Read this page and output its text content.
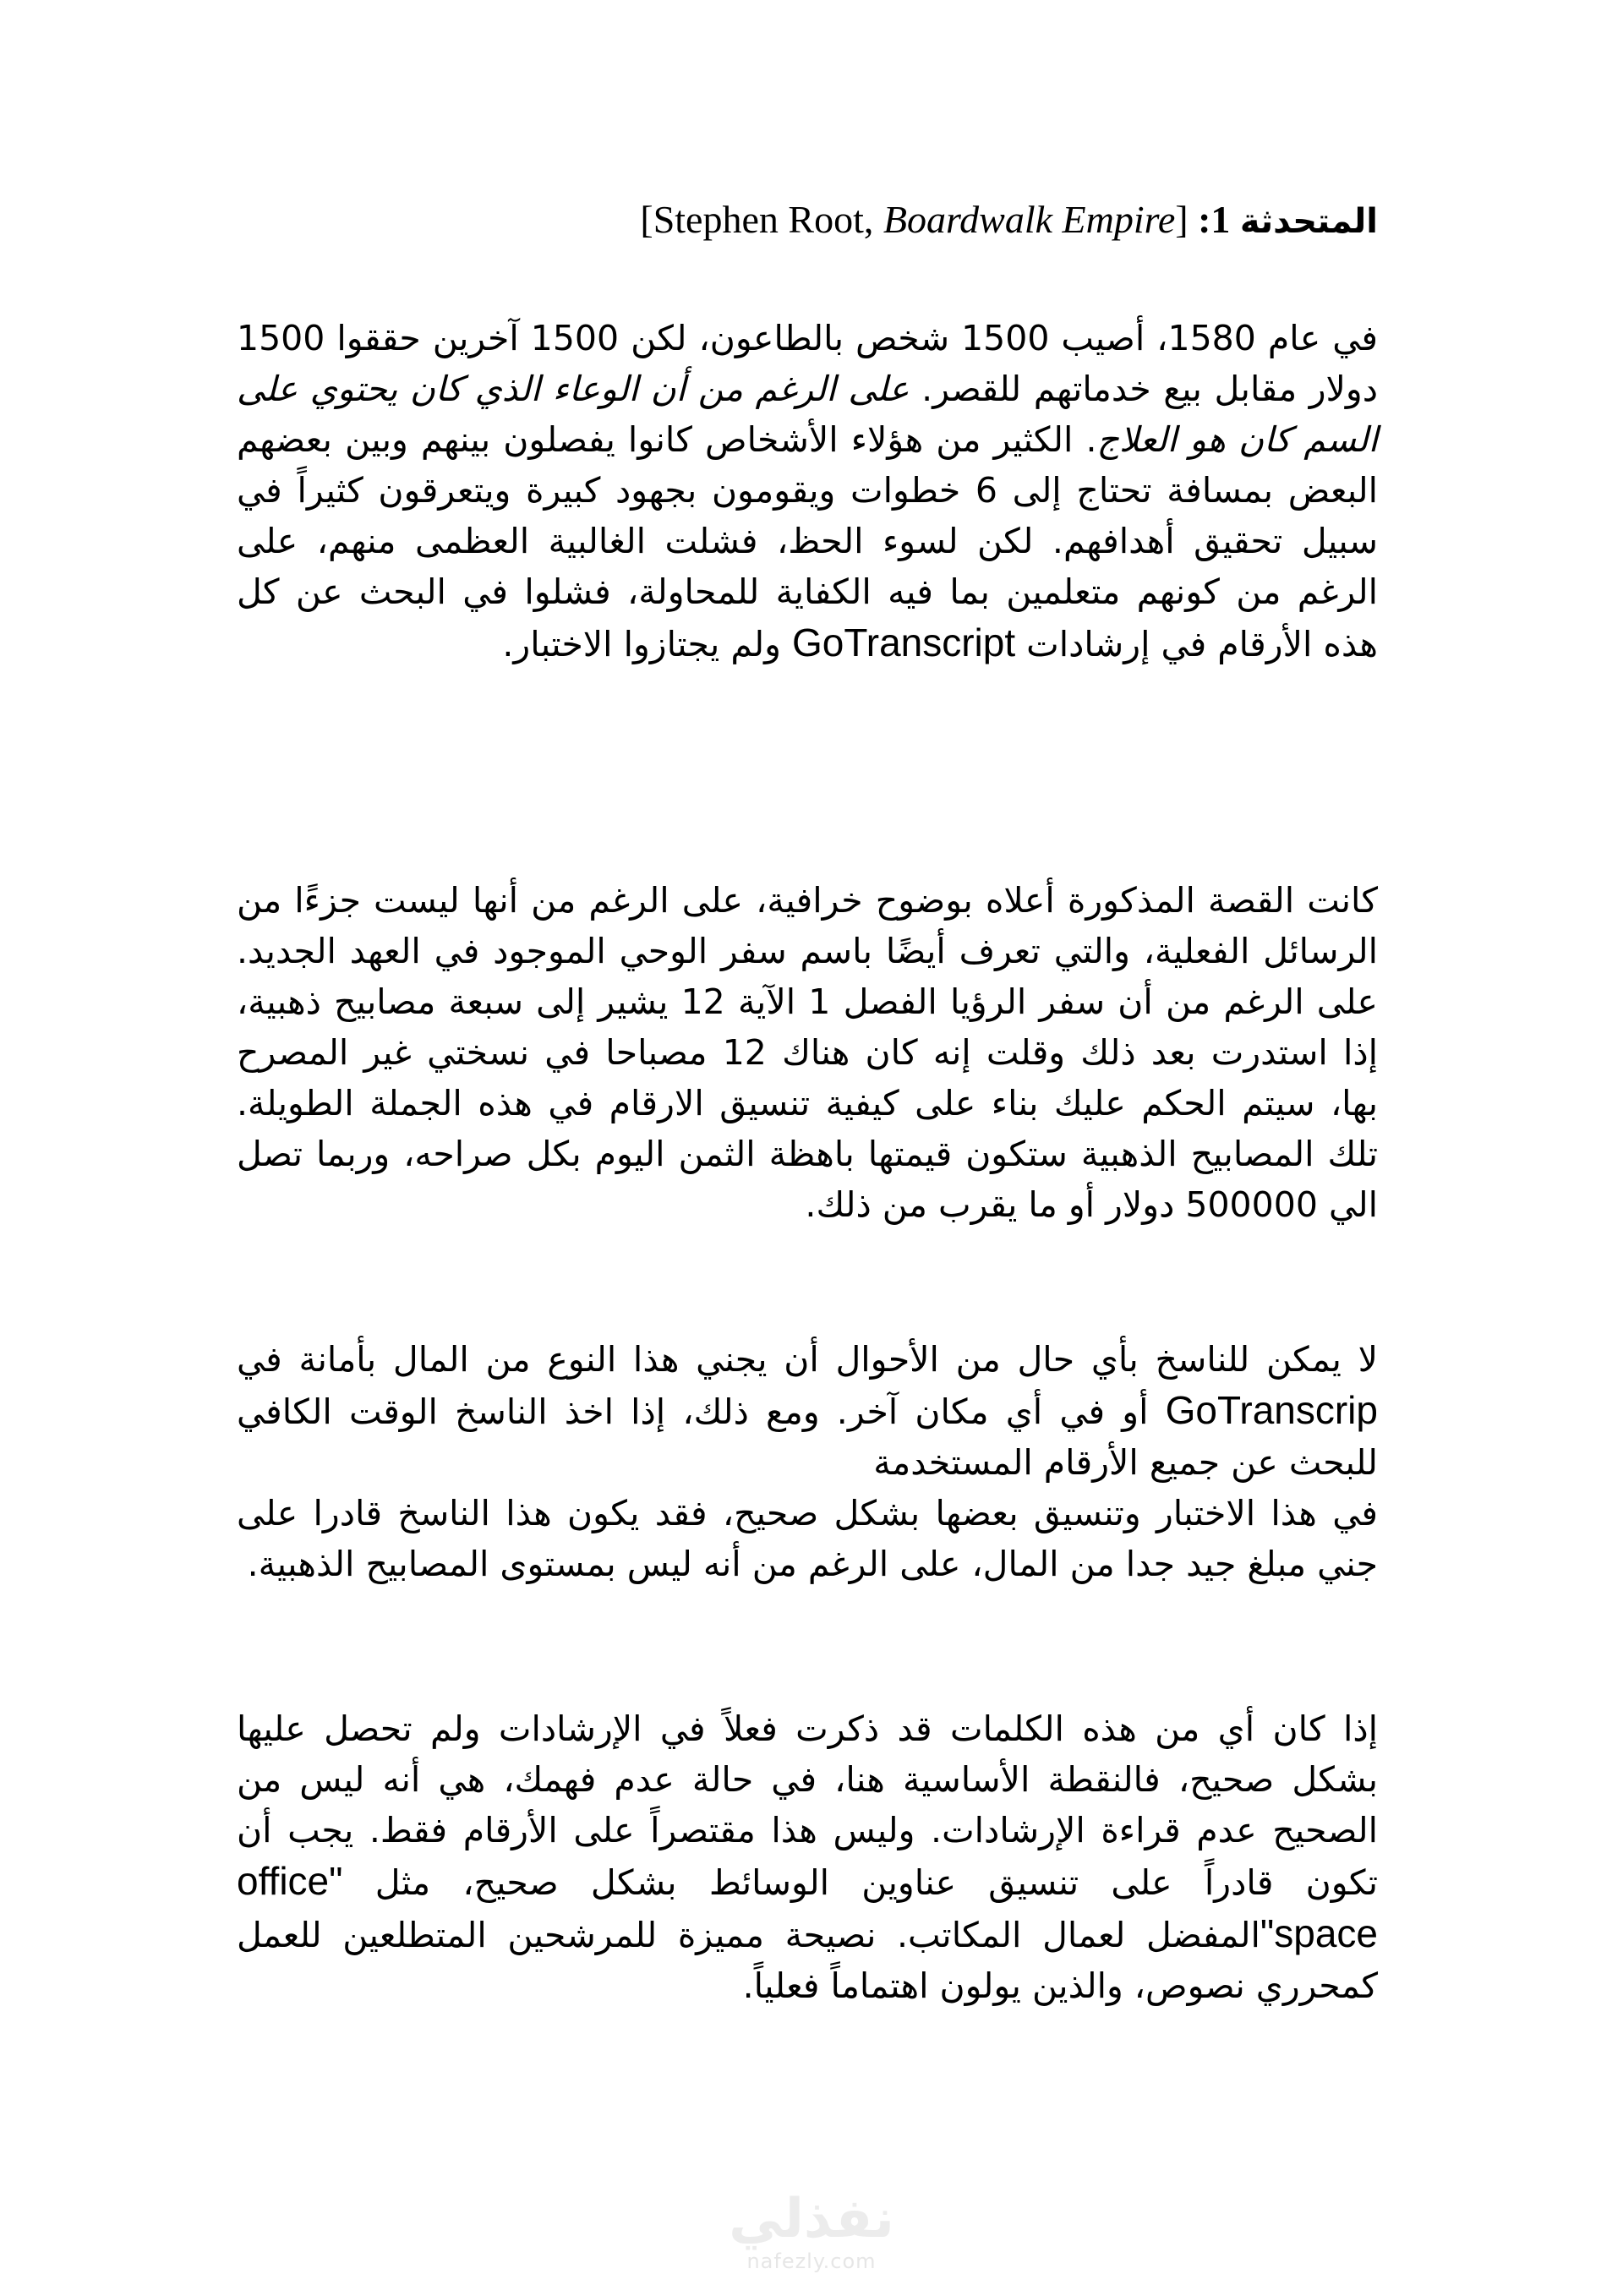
المتحدثة 1: [Stephen Root, Boardwalk Empire]

في عام 1580، أصيب 1500 شخص بالطاعون، لكن 1500 آخرين حققوا 1500 دولار مقابل بيع خدماتهم للقصر. على الرغم من أن الوعاء الذي كان يحتوي على السم كان هو العلاج. الكثير من هؤلاء الأشخاص كانوا يفصلون بينهم وبين بعضهم البعض بمسافة تحتاج إلى 6 خطوات ويقومون بجهود كبيرة ويتعرقون كثيراً في سبيل تحقيق أهدافهم. لكن لسوء الحظ، فشلت الغالبية العظمى منهم، على الرغم من كونهم متعلمين بما فيه الكفاية للمحاولة، فشلوا في البحث عن كل هذه الأرقام في إرشادات GoTranscript ولم يجتازوا الاختبار.

كانت القصة المذكورة أعلاه بوضوح خرافية، على الرغم من أنها ليست جزءًا من الرسائل الفعلية، والتي تعرف أيضًا باسم سفر الوحي الموجود في العهد الجديد. على الرغم من أن سفر الرؤيا الفصل 1 الآية 12 يشير إلى سبعة مصابيح ذهبية، إذا استدرت بعد ذلك وقلت إنه كان هناك 12 مصباحا في نسختي غير المصرح بها، سيتم الحكم عليك بناء على كيفية تنسيق الارقام في هذه الجملة الطويلة. تلك المصابيح الذهبية ستكون قيمتها باهظة الثمن اليوم بكل صراحه، وربما تصل الي 500000 دولار أو ما يقرب من ذلك.

لا يمكن للناسخ بأي حال من الأحوال أن يجني هذا النوع من المال بأمانة في GoTranscrip أو في أي مكان آخر. ومع ذلك، إذا اخذ الناسخ الوقت الكافي للبحث عن جميع الأرقام المستخدمة
في هذا الاختبار وتنسيق بعضها بشكل صحيح، فقد يكون هذا الناسخ قادرا على جني مبلغ جيد جدا من المال، على الرغم من أنه ليس بمستوى المصابيح الذهبية.

إذا كان أي من هذه الكلمات قد ذكرت فعلاً في الإرشادات ولم تحصل عليها بشكل صحيح، فالنقطة الأساسية هنا، في حالة عدم فهمك، هي أنه ليس من الصحيح عدم قراءة الإرشادات. وليس هذا مقتصراً على الأرقام فقط. يجب أن تكون قادراً على تنسيق عناوين الوسائط بشكل صحيح، مثل "office space"المفضل لعمال المكاتب. نصيحة مميزة للمرشحين المتطلعين للعمل كمحرري نصوص، والذين يولون اهتماماً فعلياً.

نفذلي
nafezly.com
